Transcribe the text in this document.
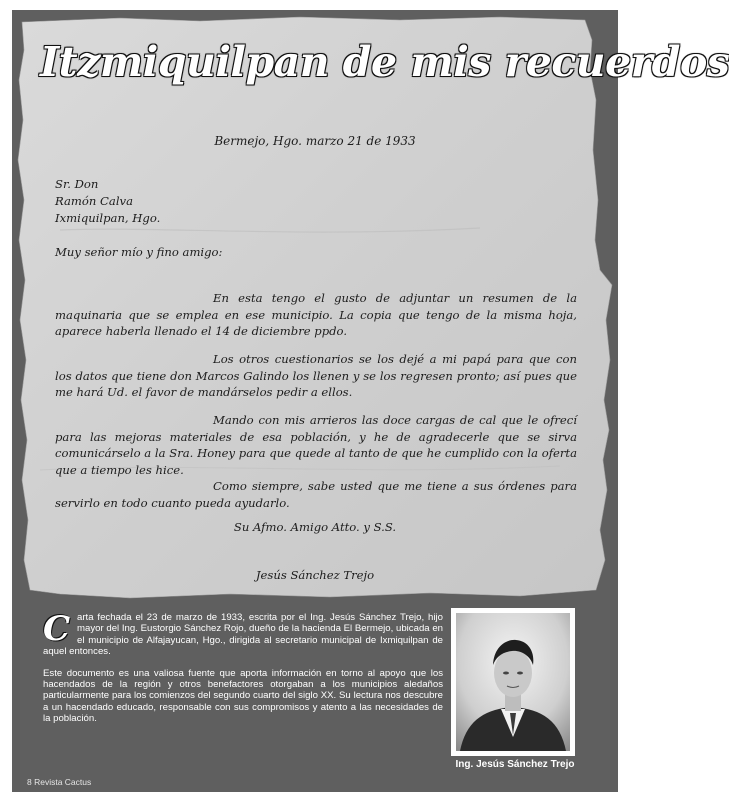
Itzmiquilpan de mis recuerdos
Bermejo, Hgo. marzo 21 de 1933
Sr. Don
Ramón Calva
Ixmiquilpan, Hgo.
Muy señor mío y fino amigo:
En esta tengo el gusto de adjuntar un resumen de la maquinaria que se emplea en ese municipio. La copia que tengo de la misma hoja, aparece haberla llenado el 14 de diciembre ppdo.
Los otros cuestionarios se los dejé a mi papá para que con los datos que tiene don Marcos Galindo los llenen y se los regresen pronto; así pues que me hará Ud. el favor de mandárselos pedir a ellos.
Mando con mis arrieros las doce cargas de cal que le ofrecí para las mejoras materiales de esa población, y he de agradecerle que se sirva comunicárselo a la Sra. Honey para que quede al tanto de que he cumplido con la oferta que a tiempo les hice.
Como siempre, sabe usted que me tiene a sus órdenes para servirlo en todo cuanto pueda ayudarlo.
Su Afmo. Amigo Atto. y S.S.
Jesús Sánchez Trejo
C arta fechada el 23 de marzo de 1933, escrita por el Ing. Jesús Sánchez Trejo, hijo mayor del Ing. Eustorgio Sánchez Rojo, dueño de la hacienda El Bermejo, ubicada en el municipio de Alfajayucan, Hgo., dirigida al secretario municipal de Ixmiquilpan de aquel entonces.

Este documento es una valiosa fuente que aporta información en torno al apoyo que los hacendados de la región y otros benefactores otorgaban a los municipios aledaños particularmente para los comienzos del segundo cuarto del siglo XX. Su lectura nos descubre a un hacendado educado, responsable con sus compromisos y atento a las necesidades de la población.

Ing. Jesús Sánchez Trejo
8 Revista Cactus
